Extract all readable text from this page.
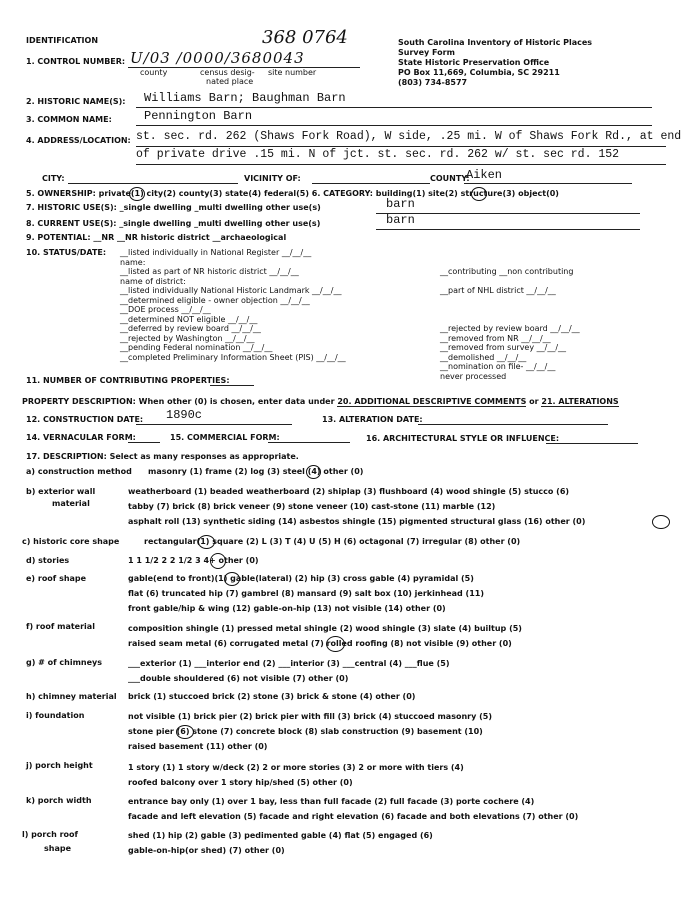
IDENTIFICATION	368 0764	South Carolina Inventory of Historic Places
Survey Form
State Historic Preservation Office
PO Box 11,669, Columbia, SC 29211
(803) 734-8577
1. CONTROL NUMBER: U/03 /0000/3680043
county	census desig-
nated place
site number
2. HISTORIC NAME(S): Williams Barn; Baughman Barn
3. COMMON NAME:	Pennington Barn
4. ADDRESS/LOCATION: st. sec. rd. 262 (Shaws Fork Road), W side, .25 mi. W of Shaws Fork Rd., at end
of private drive .15 mi. N of jct. st. sec. rd. 262 w/ st. sec rd. 152
CITY:	VICINITY OF:	COUNTY:
Aiken
5. OWNERSHIP: private(1) city(2) county(3) state(4) federal(5) 6. CATEGORY: building(1) site(2) structure(3) object(0)
7. HISTORIC USE(S): _single dwelling _multi dwelling other use(s)	barn
8. CURRENT USE(S): _single dwelling _multi dwelling other use(s)	barn
9. POTENTIAL: __NR __NR historic district __archaeological
10. STATUS/DATE: __listed individually in National Register __/__/__
name:
__listed as part of NR historic district __/__/__
name of district:
__listed individually National Historic Landmark __/__/__
__determined eligible - owner objection __/__/__
__DOE process __/__/__
__determined NOT eligible __/__/__
__deferred by review board __/__/__
__rejected by Washington __/__/__
__pending Federal nomination __/__/__
__completed Preliminary Information Sheet (PIS) __/__/__
__contributing __non contributing
__part of NHL district __/__/__
__rejected by review board __/__/__
__removed from NR __/__/__
__removed from survey __/__/__
__demolished __/__/__
__nomination on file- __/__/__
never processed
11. NUMBER OF CONTRIBUTING PROPERTIES:
PROPERTY DESCRIPTION: When other (0) is chosen, enter data under 20. ADDITIONAL DESCRIPTIVE COMMENTS or 21. ALTERATIONS
12. CONSTRUCTION DATE: 1890c	13. ALTERATION DATE:
14. VERNACULAR FORM:	15. COMMERCIAL FORM:	16. ARCHITECTURAL STYLE OR INFLUENCE:
17. DESCRIPTION: Select as many responses as appropriate.
a) construction method masonry (1) frame (2) log (3) steel (4) other (0)
b) exterior wall
material
weatherboard (1) beaded weatherboard (2) shiplap (3) flushboard (4) wood shingle (5) stucco (6)
tabby (7) brick (8) brick veneer (9) stone veneer (10) cast-stone (11) marble (12)
asphalt roll (13) synthetic siding (14) asbestos shingle (15) pigmented structural glass (16) other (0)
c) historic core shape	rectangular(1) square (2) L (3) T (4) U (5) H (6) octagonal (7) irregular (8) other (0)
d) stories	1 1 1/2 2 2 1/2 3 4+ other (0)
e) roof shape	gable(end to front)(1) gable(lateral) (2) hip (3) cross gable (4) pyramidal (5)
flat (6) truncated hip (7) gambrel (8) mansard (9) salt box (10) jerkinhead (11)
front gable/hip & wing (12) gable-on-hip (13) not visible (14) other (0)
f) roof material	composition shingle (1) pressed metal shingle (2) wood shingle (3) slate (4) builtup (5)
raised seam metal (6) corrugated metal (7) rolled roofing (8) not visible (9) other (0)
g) # of chimneys	___exterior (1) ___interior end (2) ___interior (3) ___central (4) ___flue (5)
___double shouldered (6) not visible (7) other (0)
h) chimney material brick (1) stuccoed brick (2) stone (3) brick & stone (4) other (0)
i) foundation	not visible (1) brick pier (2) brick pier with fill (3) brick (4) stuccoed masonry (5)
stone pier (6) stone (7) concrete block (8) slab construction (9) basement (10)
raised basement (11) other (0)
j) porch height	1 story (1) 1 story w/deck (2) 2 or more stories (3) 2 or more with tiers (4)
roofed balcony over 1 story hip/shed (5) other (0)
k) porch width	entrance bay only (1) over 1 bay, less than full facade (2) full facade (3) porte cochere (4)
facade and left elevation (5) facade and right elevation (6) facade and both elevations (7) other (0)
l) porch roof
shape
shed (1) hip (2) gable (3) pedimented gable (4) flat (5) engaged (6)
gable-on-hip(or shed) (7) other (0)
